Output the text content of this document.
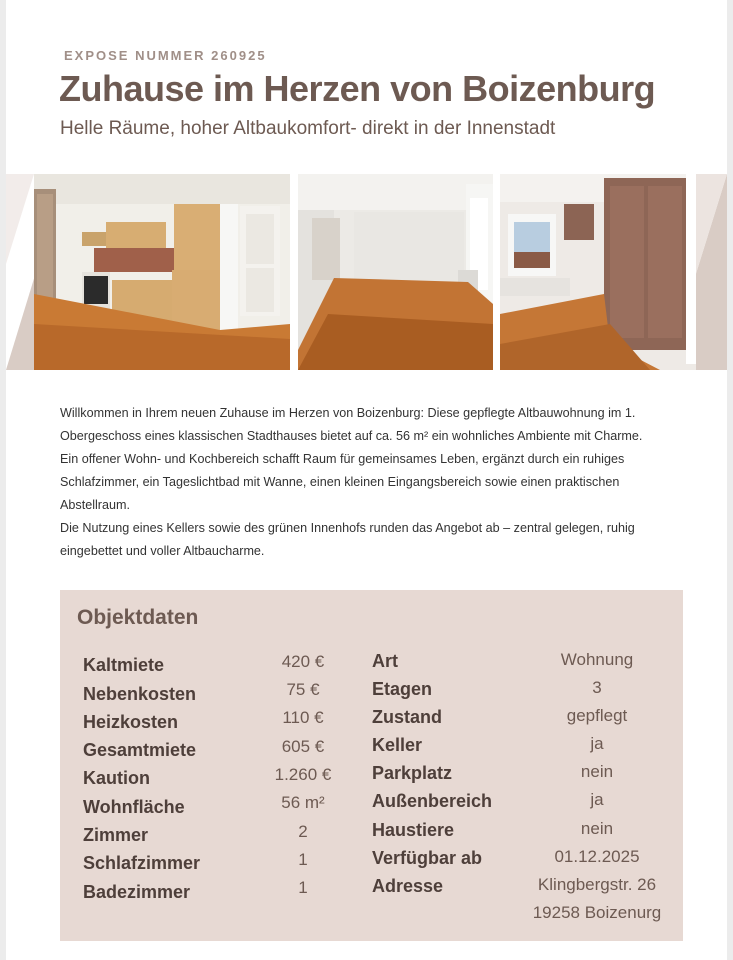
EXPOSE NUMMER 260925
Zuhause im Herzen von Boizenburg
Helle Räume, hoher Altbaukomfort- direkt in der Innenstadt

Willkommen in Ihrem neuen Zuhause im Herzen von Boizenburg: Diese gepflegte Altbauwohnung im 1. Obergeschoss eines klassischen Stadthauses bietet auf ca. 56 m² ein wohnliches Ambiente mit Charme.

Ein offener Wohn- und Kochbereich schafft Raum für gemeinsames Leben, ergänzt durch ein ruhiges Schlafzimmer, ein Tageslichtbad mit Wanne, einen kleinen Eingangsbereich sowie einen praktischen Abstellraum.

Die Nutzung eines Kellers sowie des grünen Innenhofs runden das Angebot ab – zentral gelegen, ruhig eingebettet und voller Altbaucharme.

Objektdaten
Kaltmiete	420 €
Nebenkosten	75 €
Heizkosten	110 €
Gesamtmiete	605 €
Kaution	1.260 €
Wohnfläche	56 m²
Zimmer	2
Schlafzimmer	1
Badezimmer	1
Art	Wohnung
Etagen	3
Zustand	gepflegt
Keller	ja
Parkplatz	nein
Außenbereich	ja
Haustiere	nein
Verfügbar ab	01.12.2025
Adresse	Klingbergstr. 26
19258 Boizenurg
